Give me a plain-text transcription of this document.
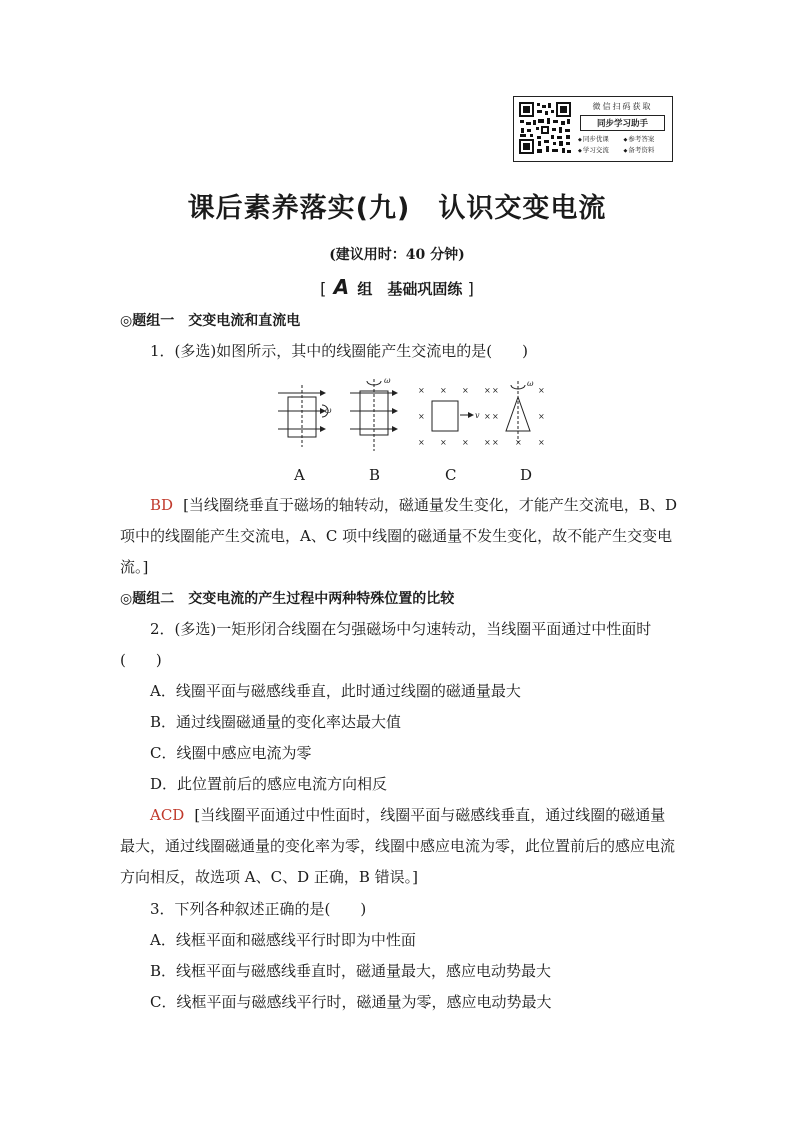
微信扫码获取
同步学习助手
◆ 同步优课	◆ 参考答案
◆ 学习交流	◆ 备考资料
课后素养落实(九)　认识交变电流
(建议用时：40 分钟)
[ A 组　基础巩固练 ]
◎题组一　交变电流和直流电
1．(多选)如图所示，其中的线圈能产生交流电的是(　　)
ω
ω
× × × ×
×	×
× × × ×
v
×	×
×	×
× × ×
ω
A	B	C	D
BD [当线圈绕垂直于磁场的轴转动，磁通量发生变化，才能产生交流电，B、D 项中的线圈能产生交流电，A、C 项中线圈的磁通量不发生变化，故不能产生交变电流。]
◎题组二　交变电流的产生过程中两种特殊位置的比较
2．(多选)一矩形闭合线圈在匀强磁场中匀速转动，当线圈平面通过中性面时(　　)
A．线圈平面与磁感线垂直，此时通过线圈的磁通量最大
B．通过线圈磁通量的变化率达最大值
C．线圈中感应电流为零
D．此位置前后的感应电流方向相反
ACD [当线圈平面通过中性面时，线圈平面与磁感线垂直，通过线圈的磁通量最大，通过线圈磁通量的变化率为零，线圈中感应电流为零，此位置前后的感应电流方向相反，故选项 A、C、D 正确，B 错误。]
3．下列各种叙述正确的是(　　)
A．线框平面和磁感线平行时即为中性面
B．线框平面与磁感线垂直时，磁通量最大，感应电动势最大
C．线框平面与磁感线平行时，磁通量为零，感应电动势最大
